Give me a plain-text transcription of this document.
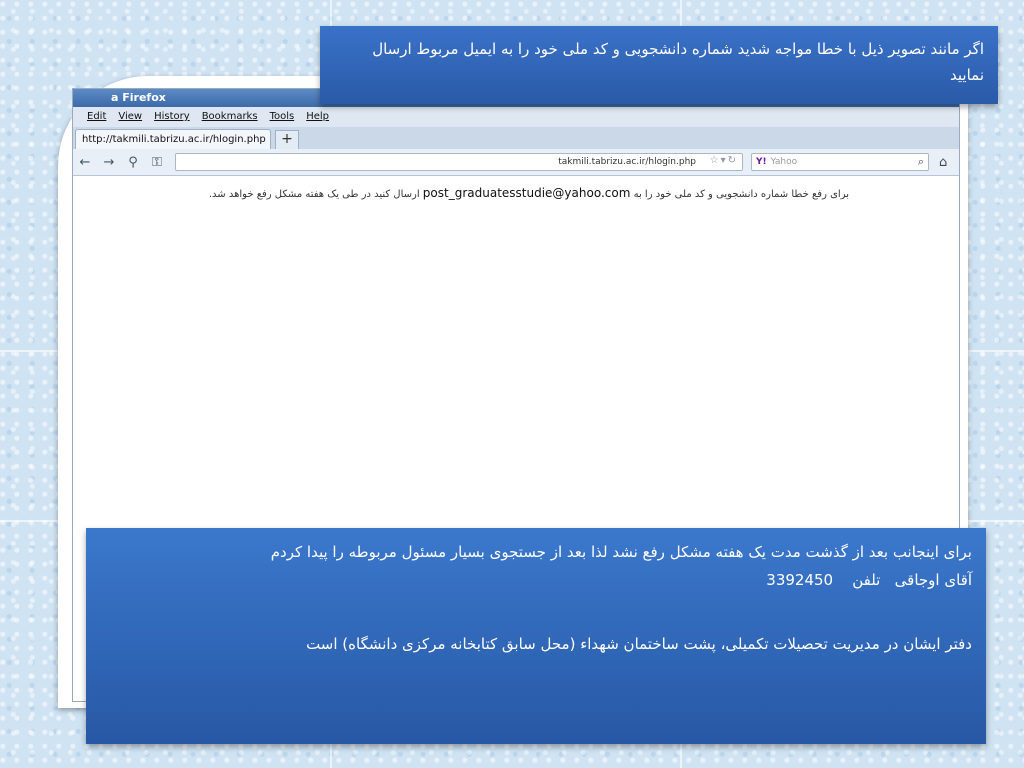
a Firefox
Edit View History Bookmarks Tools Help
http://takmili.tabrizu.ac.ir/hlogin.php	+
←	→	⚲	⚿	takmili.tabrizu.ac.ir/hlogin.php ☆▾↻	Y! Yahoo	⌕ ⌂
برای رفع خطا شماره دانشجویی و کد ملی خود را به post_graduatesstudie@yahoo.com ارسال کنید در طی یک هفته مشکل رفع خواهد شد.
اگر مانند تصویر ذیل با خطا مواجه شدید شماره دانشجویی و کد ملی خود را به ایمیل مربوط ارسال نمایید

برای اینجانب بعد از گذشت مدت یک هفته مشکل رفع نشد لذا بعد از جستجوی بسیار مسئول مربوطه را پیدا کردم

آقای اوجاقی   تلفن    3392450

دفتر ایشان در مدیریت تحصیلات تکمیلی، پشت ساختمان شهداء (محل سابق کتابخانه مرکزی دانشگاه) است
